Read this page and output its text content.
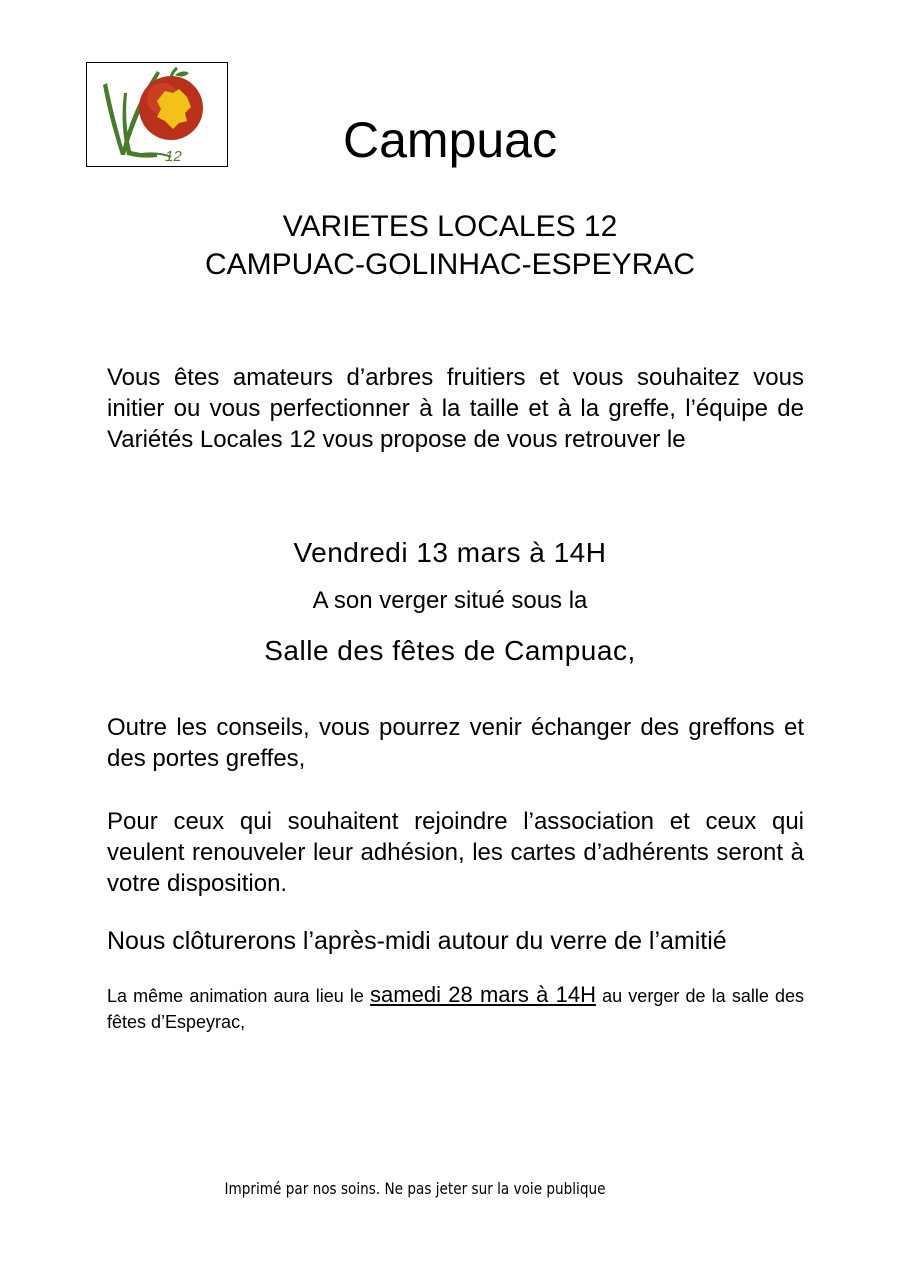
12	Campuac
VARIETES LOCALES 12
CAMPUAC-GOLINHAC-ESPEYRAC

Vous êtes amateurs d’arbres fruitiers et vous souhaitez vous initier ou vous perfectionner à la taille et à la greffe, l’équipe de Variétés Locales 12 vous propose de vous retrouver le

Vendredi 13 mars à 14H
A son verger situé sous la
Salle des fêtes de Campuac,

Outre les conseils, vous pourrez venir échanger des greffons et des portes greffes,

Pour ceux qui souhaitent rejoindre l’association et ceux qui veulent renouveler leur adhésion, les cartes d’adhérents seront à votre disposition.

Nous clôturerons l’après-midi autour du verre de l’amitié

La même animation aura lieu le samedi 28 mars à 14H au verger de la salle des fêtes d’Espeyrac,

Imprimé par nos soins. Ne pas jeter sur la voie publique
